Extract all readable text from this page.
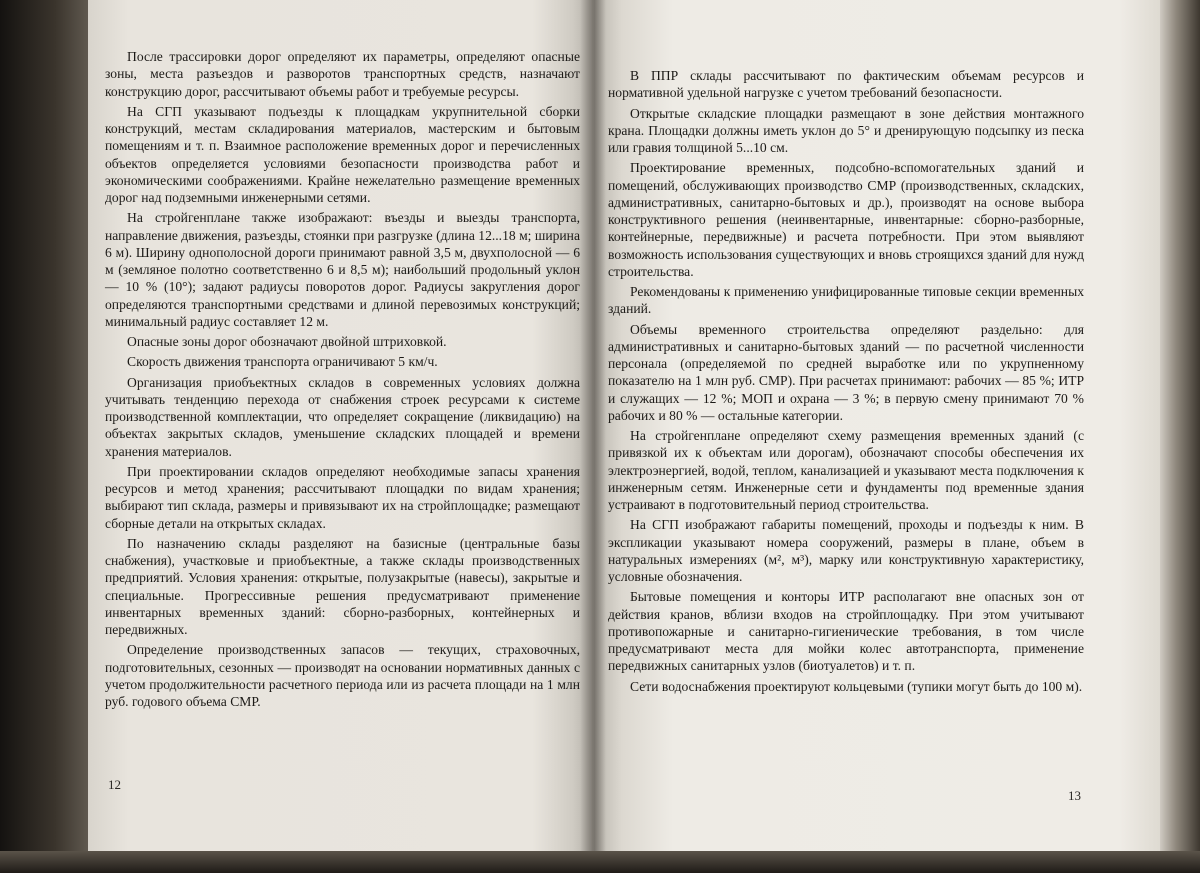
После трассировки дорог определяют их параметры, определяют опасные зоны, места разъездов и разворотов транспортных средств, назначают конструкцию дорог, рассчитывают объемы работ и требуемые ресурсы.

На СГП указывают подъезды к площадкам укрупнительной сборки конструкций, местам складирования материалов, мастерским и бытовым помещениям и т. п. Взаимное расположение временных дорог и перечисленных объектов определяется условиями безопасности производства работ и экономическими соображениями. Крайне нежелательно размещение временных дорог над подземными инженерными сетями.

На стройгенплане также изображают: въезды и выезды транспорта, направление движения, разъезды, стоянки при разгрузке (длина 12...18 м; ширина 6 м). Ширину однополосной дороги принимают равной 3,5 м, двухполосной — 6 м (земляное полотно соответственно 6 и 8,5 м); наибольший продольный уклон — 10 % (10°); задают радиусы поворотов дорог. Радиусы закругления дорог определяются транспортными средствами и длиной перевозимых конструкций; минимальный радиус составляет 12 м.

Опасные зоны дорог обозначают двойной штриховкой.

Скорость движения транспорта ограничивают 5 км/ч.

Организация приобъектных складов в современных условиях должна учитывать тенденцию перехода от снабжения строек ресурсами к системе производственной комплектации, что определяет сокращение (ликвидацию) на объектах закрытых складов, уменьшение складских площадей и времени хранения материалов.

При проектировании складов определяют необходимые запасы хранения ресурсов и метод хранения; рассчитывают площадки по видам хранения; выбирают тип склада, размеры и привязывают их на стройплощадке; размещают сборные детали на открытых складах.

По назначению склады разделяют на базисные (центральные базы снабжения), участковые и приобъектные, а также склады производственных предприятий. Условия хранения: открытые, полузакрытые (навесы), закрытые и специальные. Прогрессивные решения предусматривают применение инвентарных временных зданий: сборно-разборных, контейнерных и передвижных.

Определение производственных запасов — текущих, страховочных, подготовительных, сезонных — производят на основании нормативных данных с учетом продолжительности расчетного периода или из расчета площади на 1 млн руб. годового объема СМР.

12

В ППР склады рассчитывают по фактическим объемам ресурсов и нормативной удельной нагрузке с учетом требований безопасности.

Открытые складские площадки размещают в зоне действия монтажного крана. Площадки должны иметь уклон до 5° и дренирующую подсыпку из песка или гравия толщиной 5...10 см.

Проектирование временных, подсобно-вспомогательных зданий и помещений, обслуживающих производство СМР (производственных, складских, административных, санитарно-бытовых и др.), производят на основе выбора конструктивного решения (неинвентарные, инвентарные: сборно-разборные, контейнерные, передвижные) и расчета потребности. При этом выявляют возможность использования существующих и вновь строящихся зданий для нужд строительства.

Рекомендованы к применению унифицированные типовые секции временных зданий.

Объемы временного строительства определяют раздельно: для административных и санитарно-бытовых зданий — по расчетной численности персонала (определяемой по средней выработке или по укрупненному показателю на 1 млн руб. СМР). При расчетах принимают: рабочих — 85 %; ИТР и служащих — 12 %; МОП и охрана — 3 %; в первую смену принимают 70 % рабочих и 80 % — остальные категории.

На стройгенплане определяют схему размещения временных зданий (с привязкой их к объектам или дорогам), обозначают способы обеспечения их электроэнергией, водой, теплом, канализацией и указывают места подключения к инженерным сетям. Инженерные сети и фундаменты под временные здания устраивают в подготовительный период строительства.

На СГП изображают габариты помещений, проходы и подъезды к ним. В экспликации указывают номера сооружений, размеры в плане, объем в натуральных измерениях (м², м³), марку или конструктивную характеристику, условные обозначения.

Бытовые помещения и конторы ИТР располагают вне опасных зон от действия кранов, вблизи входов на стройплощадку. При этом учитывают противопожарные и санитарно-гигиенические требования, в том числе предусматривают места для мойки колес автотранспорта, применение передвижных санитарных узлов (биотуалетов) и т. п.

Сети водоснабжения проектируют кольцевыми (тупики могут быть до 100 м).

13
